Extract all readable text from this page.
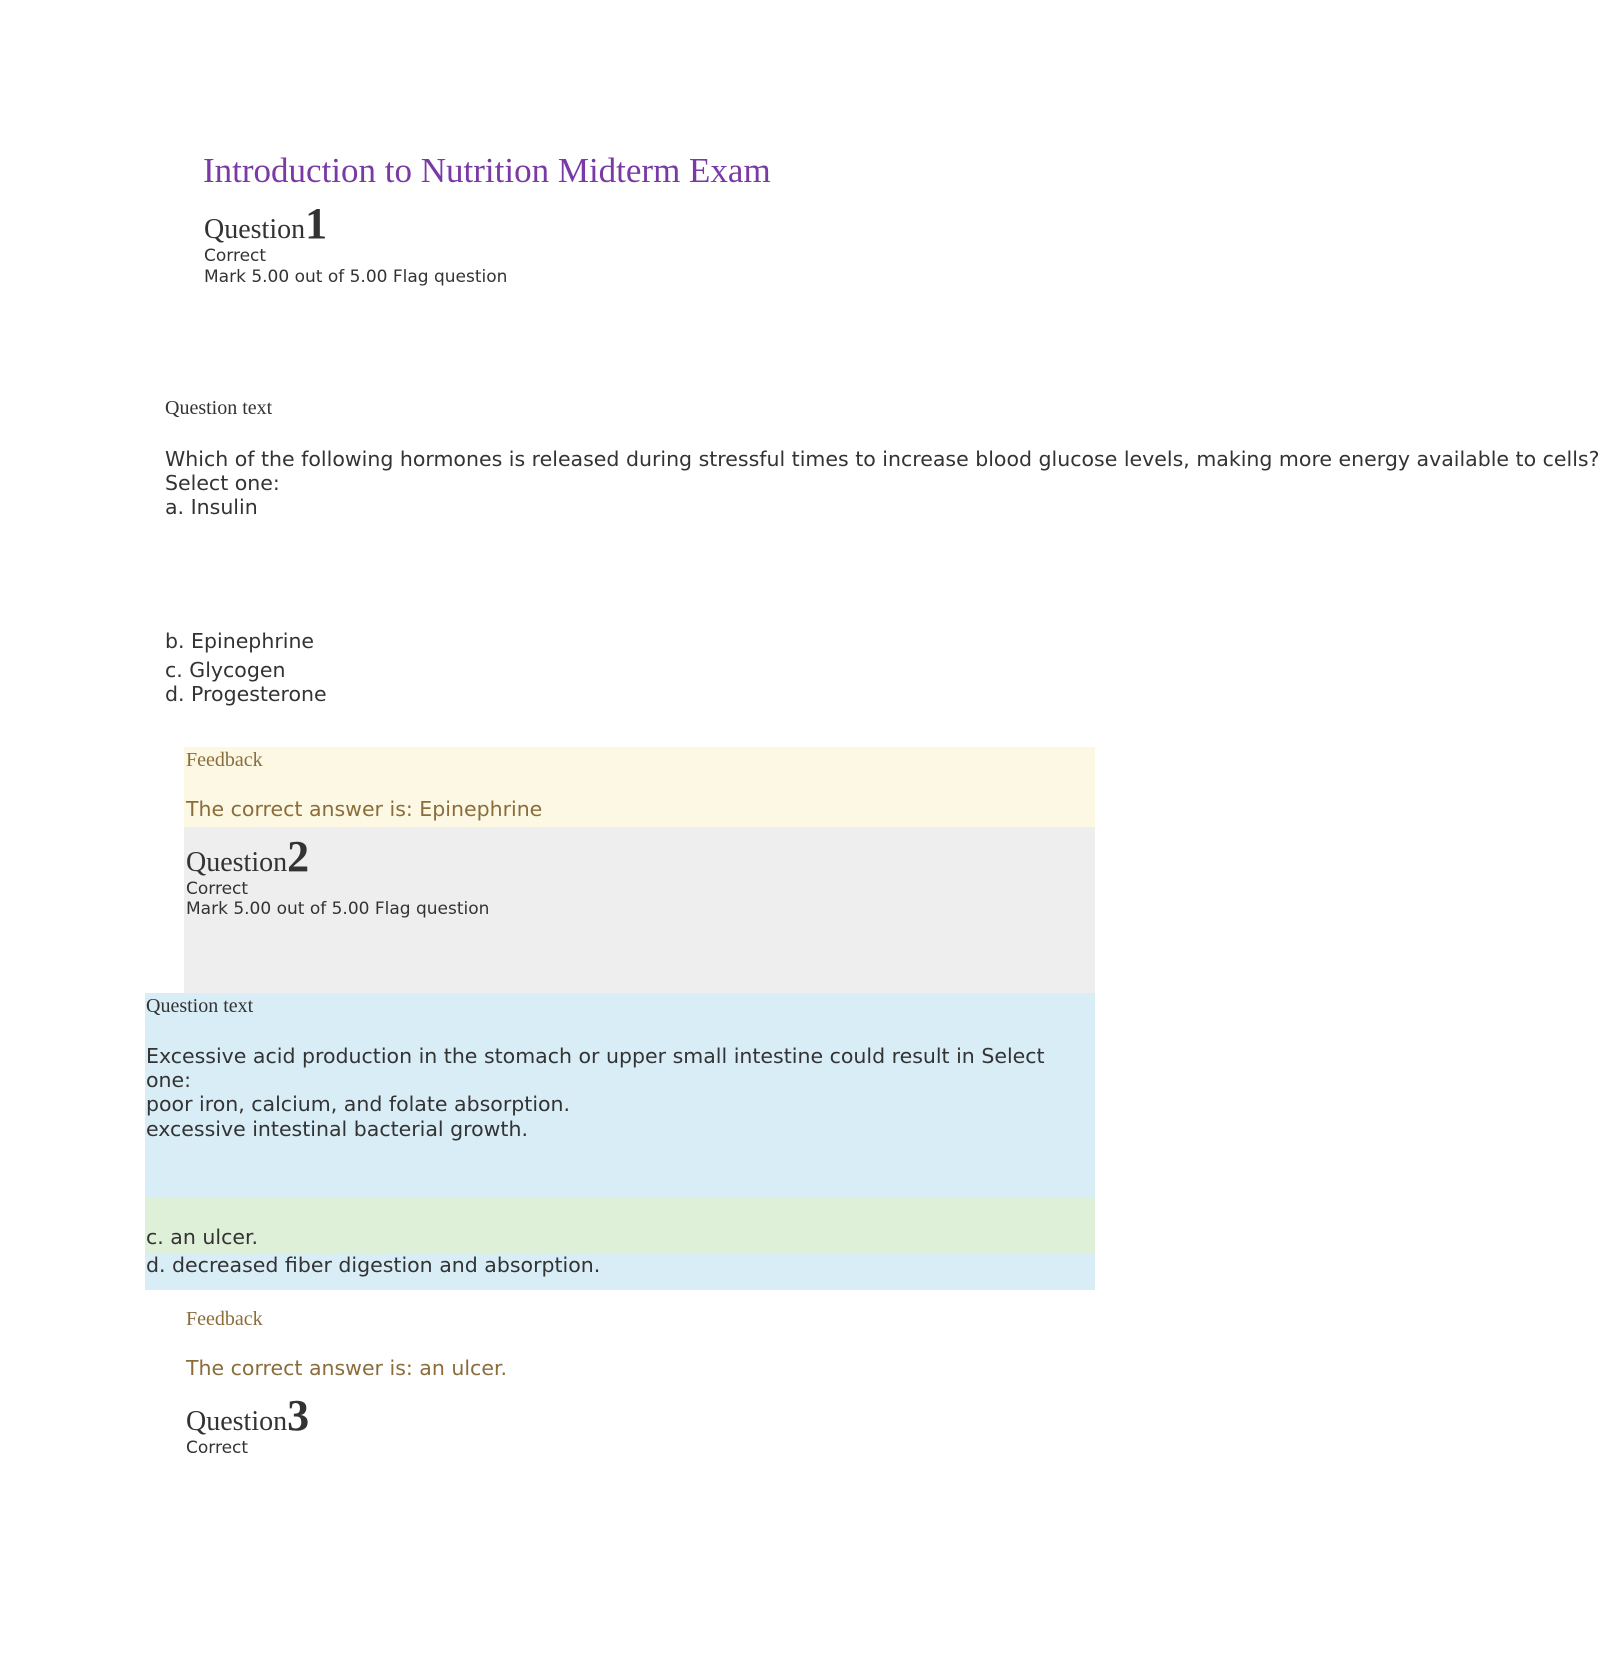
Introduction to Nutrition Midterm Exam
Question1
Correct
Mark 5.00 out of 5.00 Flag question
Question text
Which of the following hormones is released during stressful times to increase blood glucose levels, making more energy available to cells?
Select one:
a. Insulin
b. Epinephrine
c. Glycogen
d. Progesterone
Feedback
The correct answer is: Epinephrine
Question2
Correct
Mark 5.00 out of 5.00 Flag question
Question text
Excessive acid production in the stomach or upper small intestine could result in Select
one:
poor iron, calcium, and folate absorption.
excessive intestinal bacterial growth.
c. an ulcer.
d. decreased fiber digestion and absorption.
Feedback
The correct answer is: an ulcer.
Question3
Correct
